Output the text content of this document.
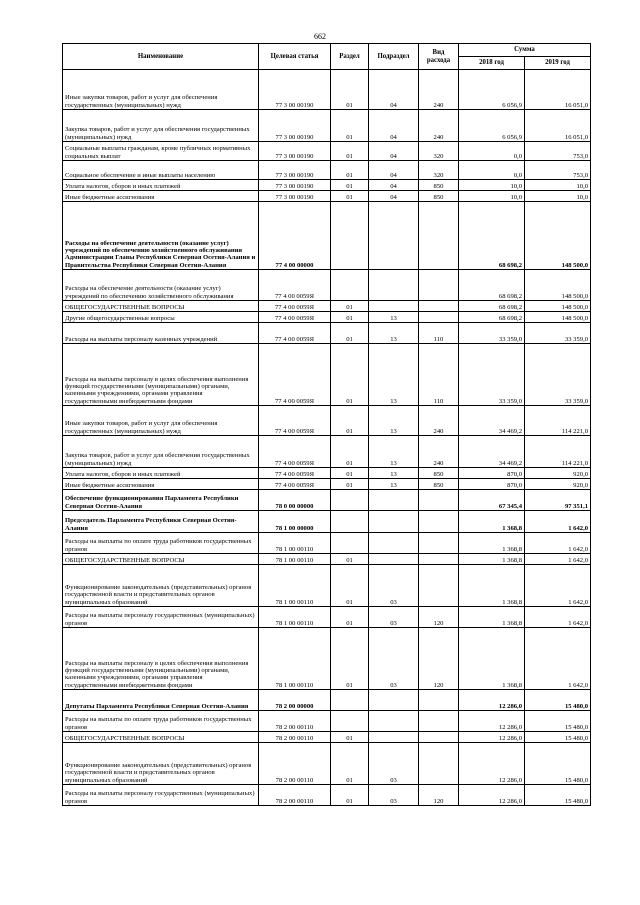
662
Наименование	Целевая статья	Раздел	Подраздел	Вид расхода	Сумма	
					2018 год	2019 год
Иные закупки товаров, работ и услуг для обеспечения государственных (муниципальных) нужд	77 3 00 00190	01	04	240	6 056,9	16 051,0
Закупка товаров, работ и услуг для обеспечения государственных (муниципальных) нужд	77 3 00 00190	01	04	240	6 056,9	16 051,0
Социальные выплаты гражданам, кроме публичных нормативных социальных выплат	77 3 00 00190	01	04	320	0,0	753,0
Социальное обеспечение и иные выплаты населению	77 3 00 00190	01	04	320	0,0	753,0
Уплата налогов, сборов и иных платежей	77 3 00 00190	01	04	850	10,0	10,0
Иные бюджетные ассигнования	77 3 00 00190	01	04	850	10,0	10,0
Расходы на обеспечение деятельности (оказание услуг) учреждений по обеспечению хозяйственного обслуживания Администрации Главы Республики Северная Осетия-Алания и Правительства Республики Северная Осетия-Алания	77 4 00 00000				68 698,2	148 500,0
Расходы на обеспечение деятельности (оказание услуг) учреждений по обеспечению хозяйственного обслуживания	77 4 00 0059Я				68 698,2	148 500,0
ОБЩЕГОСУДАРСТВЕННЫЕ ВОПРОСЫ	77 4 00 0059Я	01			68 698,2	148 500,0
Другие общегосударственные вопросы	77 4 00 0059Я	01	13		68 698,2	148 500,0
Расходы на выплаты персоналу казенных учреждений	77 4 00 0059Я	01	13	110	33 359,0	33 359,0
Расходы на выплаты персоналу в целях обеспечения выполнения функций государственными (муниципальными) органами, казенными учреждениями, органами управления государственными внебюджетными фондами	77 4 00 0059Я	01	13	110	33 359,0	33 359,0
Иные закупки товаров, работ и услуг для обеспечения государственных (муниципальных) нужд	77 4 00 0059Я	01	13	240	34 469,2	114 221,0
Закупка товаров, работ и услуг для обеспечения государственных (муниципальных) нужд	77 4 00 0059Я	01	13	240	34 469,2	114 221,0
Уплата налогов, сборов и иных платежей	77 4 00 0059Я	01	13	850	870,0	920,0
Иные бюджетные ассигнования	77 4 00 0059Я	01	13	850	870,0	920,0
Обеспечение функционирования Парламента Республики Северная Осетия-Алания	78 0 00 00000				67 345,4	97 351,1
Председатель Парламента Республики Северная Осетия-Алания	78 1 00 00000				1 368,8	1 642,0
Расходы на выплаты по оплате труда работников государственных органов	78 1 00 00110				1 368,8	1 642,0
ОБЩЕГОСУДАРСТВЕННЫЕ ВОПРОСЫ	78 1 00 00110	01			1 368,8	1 642,0
Функционирование законодательных (представительных) органов государственной власти и представительных органов муниципальных образований	78 1 00 00110	01	03		1 368,8	1 642,0
Расходы на выплаты персоналу государственных (муниципальных) органов	78 1 00 00110	01	03	120	1 368,8	1 642,0
Расходы на выплаты персоналу в целях обеспечения выполнения функций государственными (муниципальными) органами, казенными учреждениями, органами управления государственными внебюджетными фондами	78 1 00 00110	01	03	120	1 368,8	1 642,0
Депутаты Парламента Республики Северная Осетия-Алания	78 2 00 00000				12 286,0	15 480,0
Расходы на выплаты по оплате труда работников государственных органов	78 2 00 00110				12 286,0	15 480,0
ОБЩЕГОСУДАРСТВЕННЫЕ ВОПРОСЫ	78 2 00 00110	01			12 286,0	15 480,0
Функционирование законодательных (представительных) органов государственной власти и представительных органов муниципальных образований	78 2 00 00110	01	03		12 286,0	15 480,0
Расходы на выплаты персоналу государственных (муниципальных) органов	78 2 00 00110	01	03	120	12 286,0	15 480,0
